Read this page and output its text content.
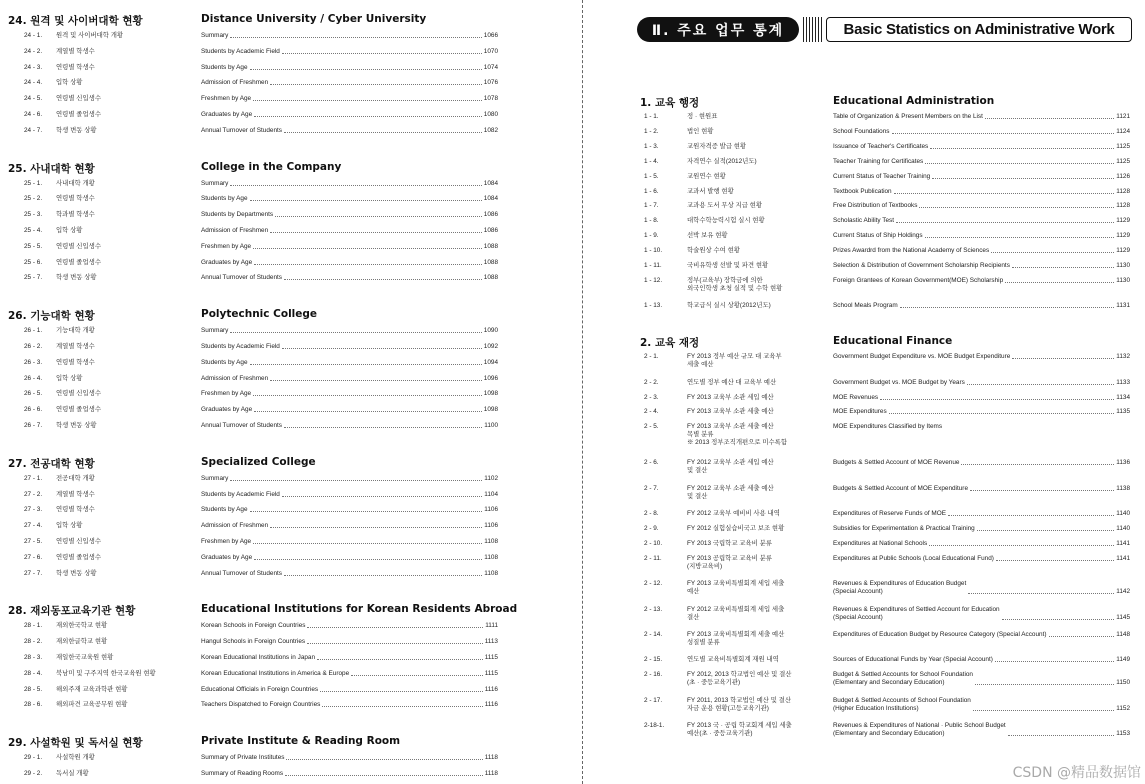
24. 원격 및 사이버대학 현황	Distance University / Cyber University
24 - 1.	원격 및 사이버대학 개황	Summary	1066
24 - 2.	계열별 학생수	Students by Academic Field	1070
24 - 3.	연령별 학생수	Students by Age	1074
24 - 4.	입학 상황	Admission of Freshmen	1076
24 - 5.	연령별 신입생수	Freshmen by Age	1078
24 - 6.	연령별 졸업생수	Graduates by Age	1080
24 - 7.	학생 변동 상황	Annual Turnover of Students	1082
25. 사내대학 현황	College in the Company
25 - 1.	사내대학 개황	Summary	1084
25 - 2.	연령별 학생수	Students by Age	1084
25 - 3.	학과별 학생수	Students by Departments	1086
25 - 4.	입학 상황	Admission of Freshmen	1086
25 - 5.	연령별 신입생수	Freshmen by Age	1088
25 - 6.	연령별 졸업생수	Graduates by Age	1088
25 - 7.	학생 변동 상황	Annual Turnover of Students	1088
26. 기능대학 현황	Polytechnic College
26 - 1.	기능대학 개황	Summary	1090
26 - 2.	계열별 학생수	Students by Academic Field	1092
26 - 3.	연령별 학생수	Students by Age	1094
26 - 4.	입학 상황	Admission of Freshmen	1096
26 - 5.	연령별 신입생수	Freshmen by Age	1098
26 - 6.	연령별 졸업생수	Graduates by Age	1098
26 - 7.	학생 변동 상황	Annual Turnover of Students	1100
27. 전공대학 현황	Specialized College
27 - 1.	전공대학 개황	Summary	1102
27 - 2.	계열별 학생수	Students by Academic Field	1104
27 - 3.	연령별 학생수	Students by Age	1106
27 - 4.	입학 상황	Admission of Freshmen	1106
27 - 5.	연령별 신입생수	Freshmen by Age	1108
27 - 6.	연령별 졸업생수	Graduates by Age	1108
27 - 7.	학생 변동 상황	Annual Turnover of Students	1108
28. 재외동포교육기관 현황	Educational Institutions for Korean Residents Abroad
28 - 1.	재외한국학교 현황	Korean Schools in Foreign Countries	1111
28 - 2.	재외한글학교 현황	Hangul Schools in Foreign Countries	1113
28 - 3.	재일한국교육원 현황	Korean Educational Institutions in Japan	1115
28 - 4.	북남미 및 구주지역 한국교육원 현황	Korean Educational Institutions in America & Europe	1115
28 - 5.	해외주재 교육과학관 현황	Educational Officials in Foreign Countries	1116
28 - 6.	해외파견 교육공무원 현황	Teachers Dispatched to Foreign Countries	1116
29. 사설학원 및 독서실 현황	Private Institute & Reading Room
29 - 1.	사설학원 개황	Summary of Private Institutes	1118
29 - 2.	독서실 개황	Summary of Reading Rooms	1118
Ⅱ. 주요 업무 통계	Basic Statistics on Administrative Work
1. 교육 행정	Educational Administration
1 - 1.	정 · 현원표	Table of Organization & Present Members on the List	1121
1 - 2.	법인 현황	School Foundations	1124
1 - 3.	교원자격증 발급 현황	Issuance of Teacher's Certificates	1125
1 - 4.	자격연수 실적(2012년도)	Teacher Training for Certificates	1125
1 - 5.	교원연수 현황	Current Status of Teacher Training	1126
1 - 6.	교과서 발행 현황	Textbook Publication	1128
1 - 7.	교과용 도서 무상 지급 현황	Free Distribution of Textbooks	1128
1 - 8.	대학수학능력시험 실시 현황	Scholastic Ability Test	1129
1 - 9.	선박 보유 현황	Current Status of Ship Holdings	1129
1 - 10.	학술원상 수여 현황	Prizes Awardrd from the National Academy of Sciences	1129
1 - 11.	국비유학생 선발 및 파견 현황	Selection & Distribution of Government Scholarship Recipients	1130
1 - 12.	정부(교육부) 장학금에 의한
외국인학생 초청 실적 및 수학 현황
Foreign Grantees of Korean Government(MOE) Scholarship	1130
1 - 13.	학교급식 실시 상황(2012년도)	School Meals Program	1131
2. 교육 재정	Educational Finance
2 - 1.	FY 2013 정부 예산 규모 대 교육부
세출 예산
Government Budget Expenditure vs. MOE Budget Expenditure	1132
2 - 2.	연도별 정부 예산 대 교육부 예산	Government Budget vs. MOE Budget by Years	1133
2 - 3.	FY 2013 교육부 소관 세입 예산	MOE Revenues	1134
2 - 4.	FY 2013 교육부 소관 세출 예산	MOE Expenditures	1135
2 - 5.	FY 2013 교육부 소관 세출 예산
목별 분류
※ 2013 정부조직개편으로 미수록함
MOE Expenditures Classified by Items
2 - 6.	FY 2012 교육부 소관 세입 예산
및 결산
Budgets & Settled Account of MOE Revenue	1136
2 - 7.	FY 2012 교육부 소관 세출 예산
및 결산
Budgets & Settled Account of MOE Expenditure	1138
2 - 8.	FY 2012 교육부 예비비 사용 내역	Expenditures of Reserve Funds of MOE	1140
2 - 9.	FY 2012 실험실습비국고 보조 현황	Subsidies for Experimentation & Practical Training	1140
2 - 10.	FY 2013 국립학교 교육비 분류	Expenditures at National Schools	1141
2 - 11.	FY 2013 공립학교 교육비 분류
(지방교육비)
Expenditures at Public Schools (Local Educational Fund)	1141
2 - 12.	FY 2013 교육비특별회계 세입 세출
예산
Revenues & Expenditures of Education Budget
(Special Account)	1142
2 - 13.	FY 2012 교육비특별회계 세입 세출
결산
Revenues & Expenditures of Settled Account for Education
(Special Account)	1145
2 - 14.	FY 2013 교육비특별회계 세출 예산
성질별 분류
Expenditures of Education Budget by Resource Category (Special Account)	1148
2 - 15.	연도별 교육비특별회계 재원 내역	Sources of Educational Funds by Year (Special Account)	1149
2 - 16.	FY 2012, 2013 학교법인 예산 및 결산
(초 · 중등교육기관)
Budget & Settled Accounts for School Foundation
(Elementary and Secondary Education)	1150
2 - 17.	FY 2011, 2013 학교법인 예산 및 결산
자금 운용 현황(고등교육기관)
Budget & Settled Accounts of School Foundation
(Higher Education Institutions)	1152
2-18-1.	FY 2013 국 · 공립 학교회계 세입 세출
예산(초 · 중등교육기관)
Revenues & Expenditures of National · Public School Budget
(Elementary and Secondary Education)	1153
CSDN @精品数据馆
